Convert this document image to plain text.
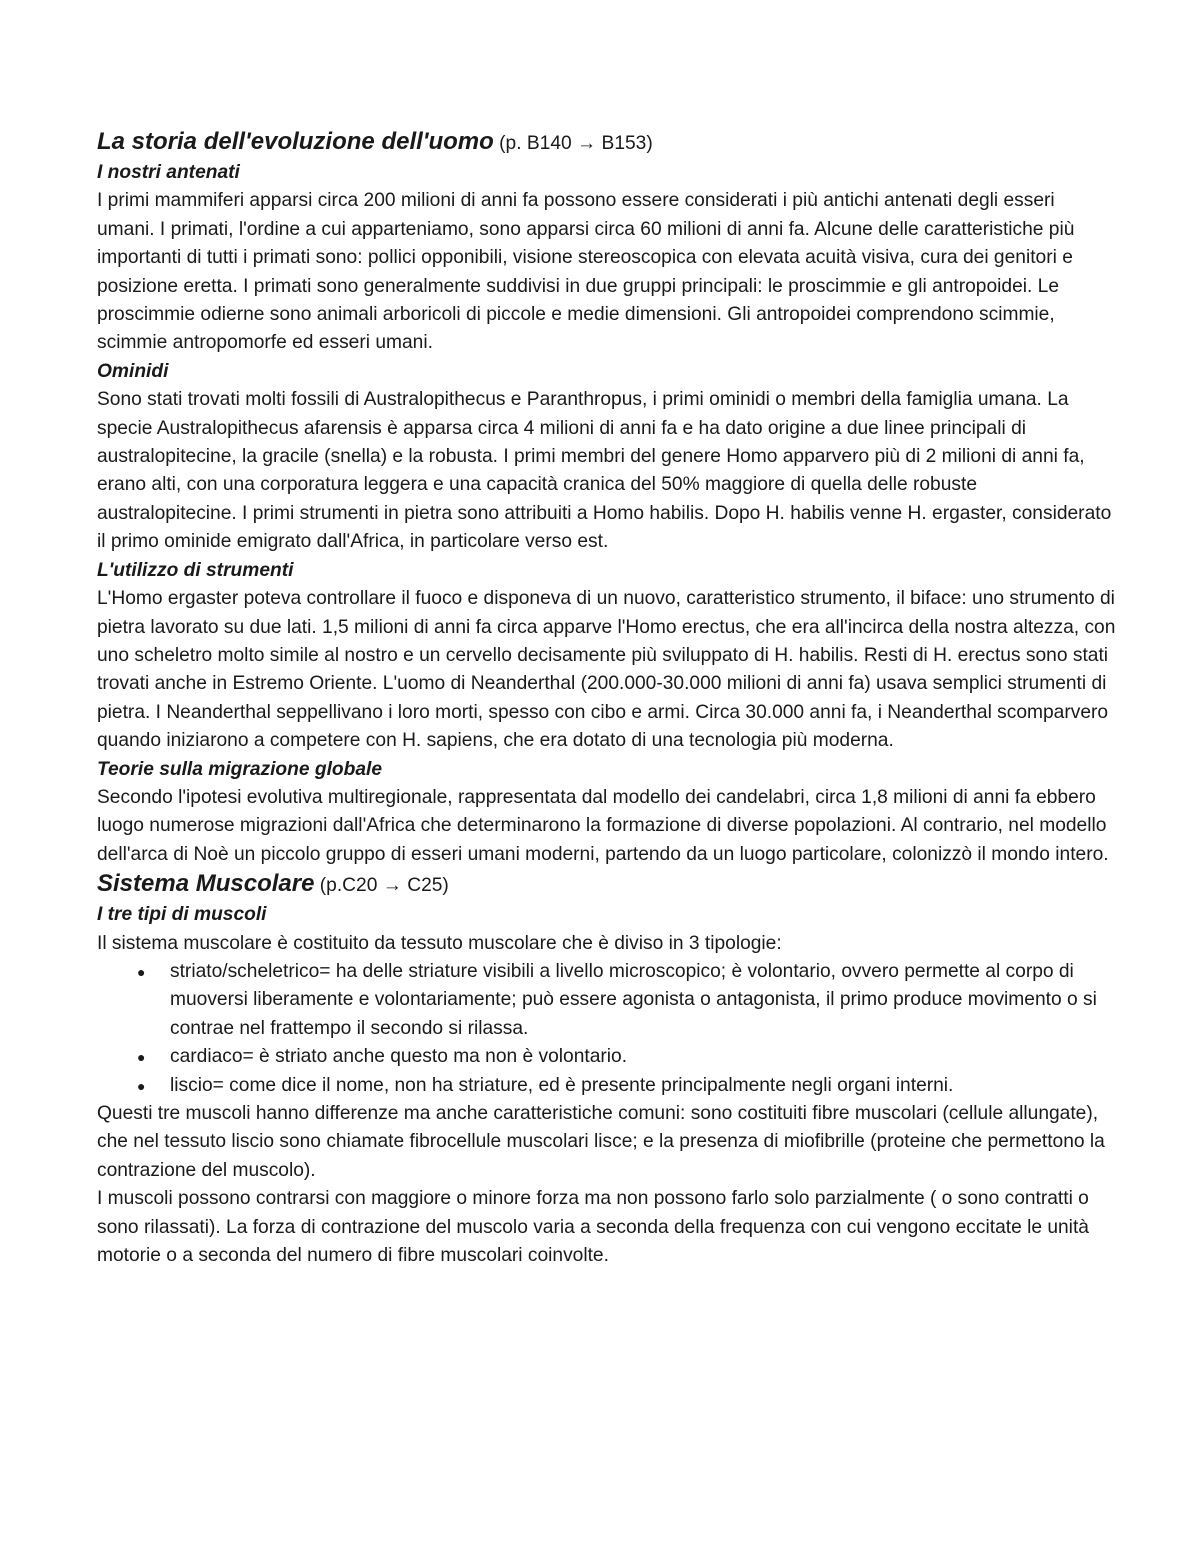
La storia dell'evoluzione dell'uomo (p. B140 → B153)
I nostri antenati

I primi mammiferi apparsi circa 200 milioni di anni fa possono essere considerati i più antichi antenati degli esseri umani. I primati, l'ordine a cui apparteniamo, sono apparsi circa 60 milioni di anni fa. Alcune delle caratteristiche più importanti di tutti i primati sono: pollici opponibili, visione stereoscopica con elevata acuità visiva, cura dei genitori e posizione eretta. I primati sono generalmente suddivisi in due gruppi principali: le proscimmie e gli antropoidei. Le proscimmie odierne sono animali arboricoli di piccole e medie dimensioni. Gli antropoidei comprendono scimmie, scimmie antropomorfe ed esseri umani.

Ominidi

Sono stati trovati molti fossili di Australopithecus e Paranthropus, i primi ominidi o membri della famiglia umana. La specie Australopithecus afarensis è apparsa circa 4 milioni di anni fa e ha dato origine a due linee principali di australopitecine, la gracile (snella) e la robusta. I primi membri del genere Homo apparvero più di 2 milioni di anni fa, erano alti, con una corporatura leggera e una capacità cranica del 50% maggiore di quella delle robuste australopitecine. I primi strumenti in pietra sono attribuiti a Homo habilis. Dopo H. habilis venne H. ergaster, considerato il primo ominide emigrato dall'Africa, in particolare verso est.

L'utilizzo di strumenti

L'Homo ergaster poteva controllare il fuoco e disponeva di un nuovo, caratteristico strumento, il biface: uno strumento di pietra lavorato su due lati. 1,5 milioni di anni fa circa apparve l'Homo erectus, che era all'incirca della nostra altezza, con uno scheletro molto simile al nostro e un cervello decisamente più sviluppato di H. habilis. Resti di H. erectus sono stati trovati anche in Estremo Oriente. L'uomo di Neanderthal (200.000-30.000 milioni di anni fa) usava semplici strumenti di pietra. I Neanderthal seppellivano i loro morti, spesso con cibo e armi. Circa 30.000 anni fa, i Neanderthal scomparvero quando iniziarono a competere con H. sapiens, che era dotato di una tecnologia più moderna.

Teorie sulla migrazione globale

Secondo l'ipotesi evolutiva multiregionale, rappresentata dal modello dei candelabri, circa 1,8 milioni di anni fa ebbero luogo numerose migrazioni dall'Africa che determinarono la formazione di diverse popolazioni. Al contrario, nel modello dell'arca di Noè un piccolo gruppo di esseri umani moderni, partendo da un luogo particolare, colonizzò il mondo intero.

Sistema Muscolare (p.C20 → C25)
I tre tipi di muscoli

Il sistema muscolare è costituito da tessuto muscolare che è diviso in 3 tipologie:

● striato/scheletrico= ha delle striature visibili a livello microscopico; è volontario, ovvero permette al corpo di muoversi liberamente e volontariamente; può essere agonista o antagonista, il primo produce movimento o si contrae nel frattempo il secondo si rilassa.
● cardiaco= è striato anche questo ma non è volontario.
● liscio= come dice il nome, non ha striature, ed è presente principalmente negli organi interni.

Questi tre muscoli hanno differenze ma anche caratteristiche comuni: sono costituiti fibre muscolari (cellule allungate), che nel tessuto liscio sono chiamate fibrocellule muscolari lisce; e la presenza di miofibrille (proteine che permettono la contrazione del muscolo).

I muscoli possono contrarsi con maggiore o minore forza ma non possono farlo solo parzialmente ( o sono contratti o sono rilassati). La forza di contrazione del muscolo varia a seconda della frequenza con cui vengono eccitate le unità motorie o a seconda del numero di fibre muscolari coinvolte.
